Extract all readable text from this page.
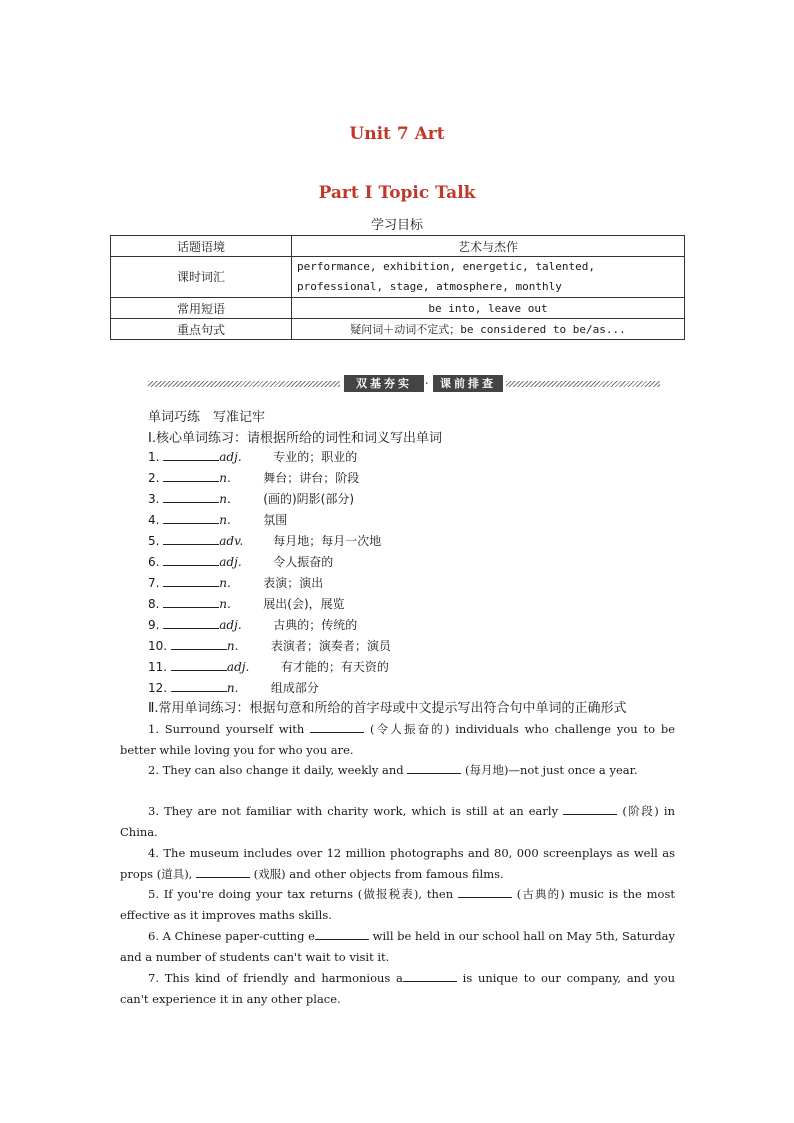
Unit 7 Art
Part Ⅰ Topic Talk
学习目标
话题语境	艺术与杰作
课时词汇	performance, exhibition, energetic, talented,
professional, stage, atmosphere, monthly

常用短语	be into, leave out
重点句式	疑问词＋动词不定式；be considered to be/as...
双基夯实	·	课前排查
单词巧练　写准记牢
Ⅰ.核心单词练习：请根据所给的词性和词义写出单词
1.	adj.	专业的；职业的
2.	n.	舞台；讲台；阶段
3.	n.	(画的)阴影(部分)
4.	n.	氛围
5.	adv. 每月地；每月一次地
6.	adj.	令人振奋的
7.	n.	表演；演出
8.	n.	展出(会)，展览
9.	adj.	古典的；传统的
10.	n.	表演者；演奏者；演员
11.	adj.	有才能的；有天资的
12.	n.	组成部分
Ⅱ.常用单词练习：根据句意和所给的首字母或中文提示写出符合句中单词的正确形式
1. Surround yourself with	(令人振奋的) individuals who challenge you to be better while loving you for who you are.
2. They can also change it daily, weekly and	(每月地)—not just once a year.
3. They are not familiar with charity work, which is still at an early	(阶段) in China.
4. The museum includes over 12 million photographs and 80, 000 screenplays as well as props (道具),	(戏服) and other objects from famous films.
5. If you're doing your tax returns (做报税表), then	(古典的) music is the most effective as it improves maths skills.
6. A Chinese paper-cutting e	will be held in our school hall on May 5th, Saturday and a number of students can't wait to visit it.
7. This kind of friendly and harmonious a	is unique to our company, and you can't experience it in any other place.
